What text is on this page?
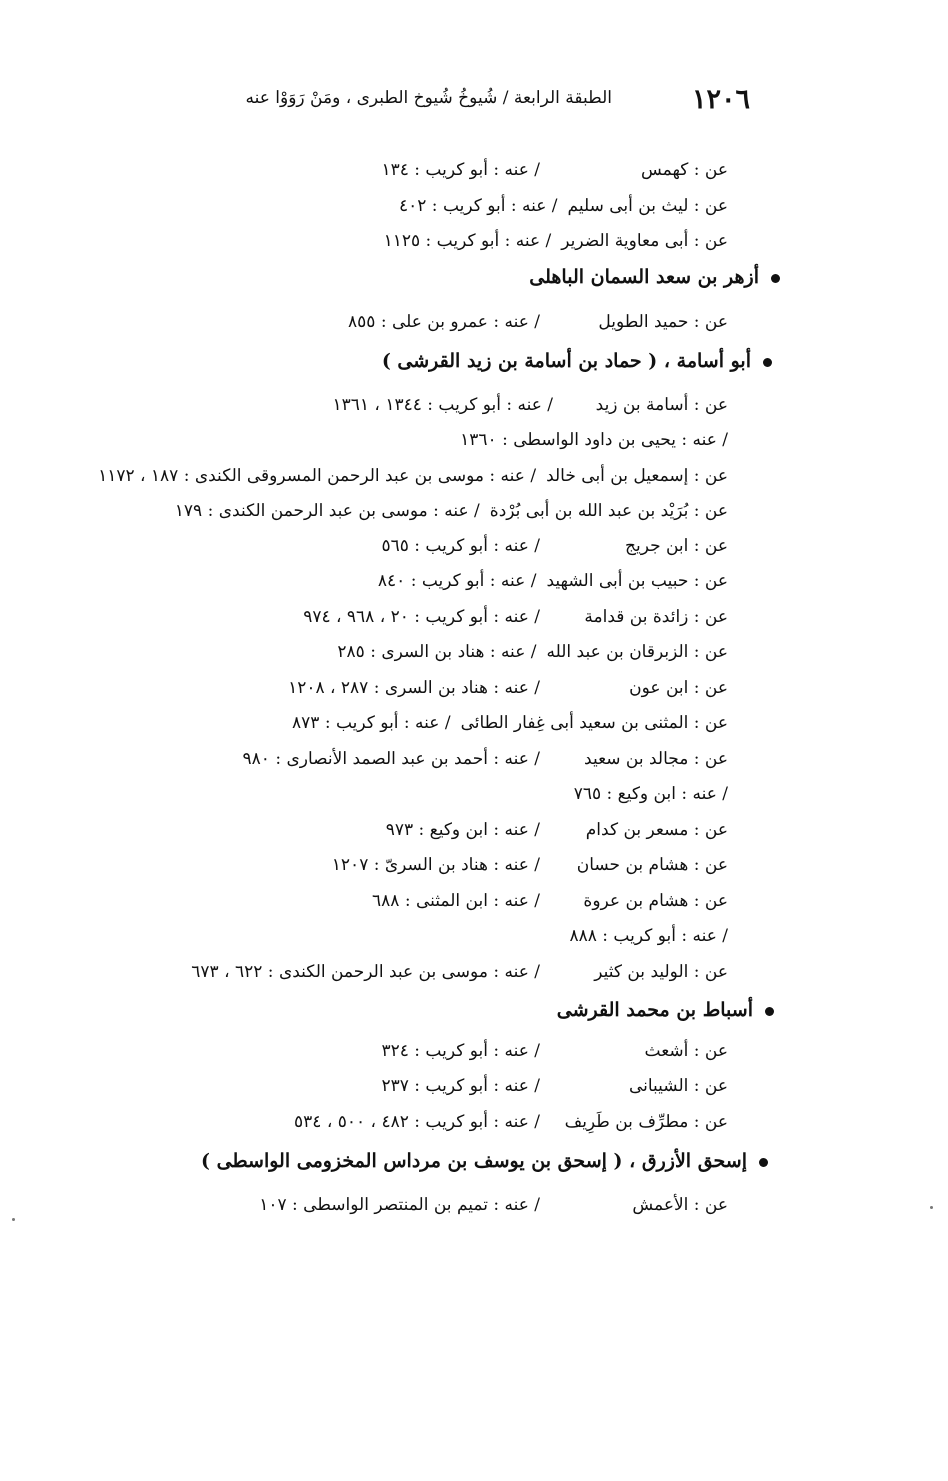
١٢٠٦
الطبقة الرابعة / شُيوخُ شُيوخ الطبرى ، ومَنْ رَوَوْا عنه
عن : كهمس/ عنه : أبو كريب : ١٣٤
عن : ليث بن أبى سليم/ عنه : أبو كريب : ٤٠٢
عن : أبى معاوية الضرير/ عنه : أبو كريب : ١١٢٥
أزهر بن سعد السمان الباهلى
عن : حميد الطويل/ عنه : عمرو بن على : ٨٥٥
أبو أسامة ، ( حماد بن أسامة بن زيد القرشى )
عن : أسامة بن زيد/ عنه : أبو كريب : ١٣٤٤ ، ١٣٦١
/ عنه : يحيى بن داود الواسطى : ١٣٦٠
عن : إسمعيل بن أبى خالد/ عنه : موسى بن عبد الرحمن المسروقى الكندى : ١٨٧ ، ١١٧٢
عن : بُرَيْد بن عبد الله بن أبى بُرْدة/ عنه : موسى بن عبد الرحمن الكندى : ١٧٩
عن : ابن جريج/ عنه : أبو كريب : ٥٦٥
عن : حبيب بن أبى الشهيد/ عنه : أبو كريب : ٨٤٠
عن : زائدة بن قدامة/ عنه : أبو كريب : ٢٠ ، ٩٦٨ ، ٩٧٤
عن : الزبرقان بن عبد الله/ عنه : هناد بن السرى : ٢٨٥
عن : ابن عون/ عنه : هناد بن السرى : ٢٨٧ ، ١٢٠٨
عن : المثنى بن سعيد أبى غِفار الطائى/ عنه : أبو كريب : ٨٧٣
عن : مجالد بن سعيد/ عنه : أحمد بن عبد الصمد الأنصارى : ٩٨٠
/ عنه : ابن وكيع : ٧٦٥
عن : مسعر بن كدام/ عنه : ابن وكيع : ٩٧٣
عن : هشام بن حسان/ عنه : هناد بن السرىّ : ١٢٠٧
عن : هشام بن عروة/ عنه : ابن المثنى : ٦٨٨
/ عنه : أبو كريب : ٨٨٨
عن : الوليد بن كثير/ عنه : موسى بن عبد الرحمن الكندى : ٦٢٢ ، ٦٧٣
أسباط بن محمد القرشى
عن : أشعث/ عنه : أبو كريب : ٣٢٤
عن : الشيبانى/ عنه : أبو كريب : ٢٣٧
عن : مطرِّف بن طَرِيف/ عنه : أبو كريب : ٤٨٢ ، ٥٠٠ ، ٥٣٤
إسحق الأزرق ، ( إسحق بن يوسف بن مرداس المخزومى الواسطى )
عن : الأعمش/ عنه : تميم بن المنتصر الواسطى : ١٠٧
